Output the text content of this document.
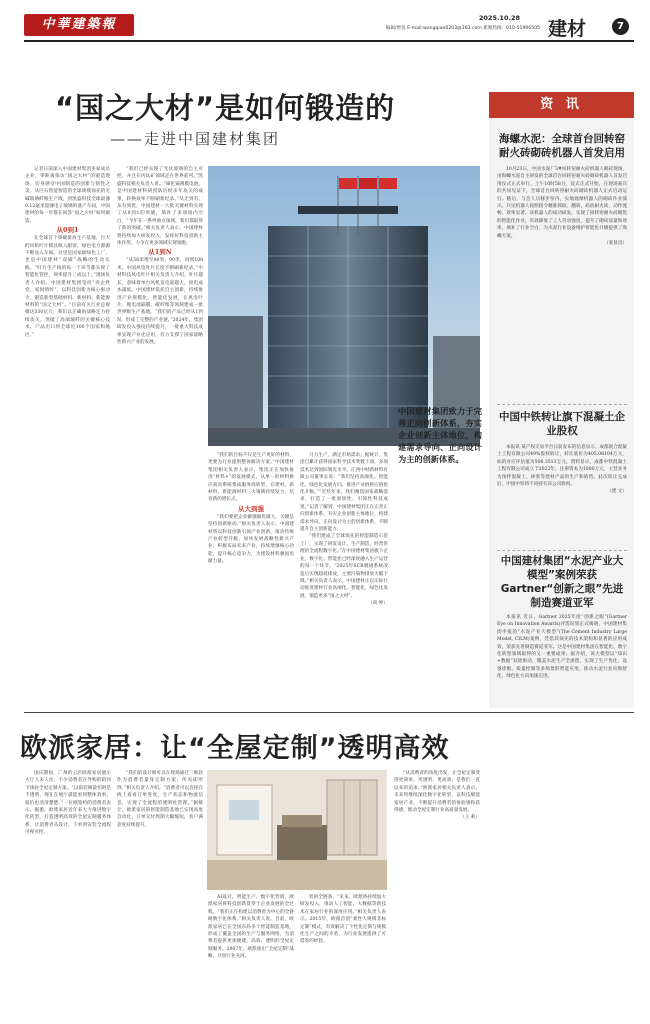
中華建築報	2025.10.28
编辑/贾苗 E-mail:wangqian0203@163.com 新闻热线：010-51906505 建材	7
“国之大材”是如何锻造的
——走进中国建材集团

记者日前深入中国建材集团多家成员企业，零距离探访“国之大材”的锻造现场，切身感受中国制造的创新与韧性之美。从巨石智能智造的全球规模领先的无碱玻璃纤维生产线，到凯盛科技全球最薄0.12毫米超薄电子玻璃的量产车间，中国建材的每一步都在回答“国之大材”如何锻造。

从0到1

在全球首个零碳排放生产基地，巨大的风机叶片模具映入眼帘，绿色电力源源不断送入车间。这里是国家级绿色工厂，也是中国建材“双碳”战略的生动实践。“叶片生产线的每一个环节都实现了智能化管控，效率提升三成以上。”现场负责人介绍。中国建材集团坚持“央企姓党、家国情怀”，以科技创新为核心驱动力，锻造新型基础材料、新材料、新能源材料的“国之大材”。“目前有关行业总规模达330亿元，我们以正确的战略定力持续攻关，突破了高端玻纤的关键核心技术，产品出口到全球近100个国家和地区。”

“我们已经实现了光伏玻璃的自主可控，并且在钙钛矿领域走在世界前列。”凯盛科技相关负责人说。“碲化镉薄膜电池，是中国建材科研团队历经多年攻关的成果，转换效率不断刷新纪录。”从无到有、从有到优，中国建材一大批关键材料实现了从0到1的突破，填补了多项国内空白。“今年在一系列重点领域，我们都取得了新的突破。”相关负责人表示，中国建材将持续加大研发投入，发挥好科技创新主体作用，力争在更多领域实现领跑。

从1到N

“从56米增至80米、90米，再到108米，中国风电叶片长度不断刷新纪录。”中材科技风电叶片相关负责人介绍。叶片越长，意味着单台风机发电量越大，度电成本越低。中国建材依托自主创新，持续推进产业规模化、智能化发展，在风电叶片、锂电池隔膜、碳纤维等领域建成一批世界级生产基地。“我们的产品已经从1到N，形成了完整的产业链。”2024年，集团研发投入强度持续提升，一批重大科技成果实现产业化应用，有力支撑了国家战略性新兴产业的发展。

“我们的目标不仅是生产更好的材料，更要为行业提供整体解决方案。”中国建材集团相关负责人表示，集团正在加快推进“材料+”的发展模式，从单一的材料供应商向系统集成服务商转型，在建材、新材料、新能源材料三大领域持续发力，培育新的增长点。

从大到强

“我们要把企业做强做优做大，关键是坚持创新驱动。”相关负责人表示，中国建材将以科技创新引领产业创新，推动传统产业转型升级，加快发展战略性新兴产业，积极布局未来产业，持续增强核心功能、提升核心竞争力，为建设材料强国贡献力量。

马力生产，满足市场需求。据统计，集团已累计获得国家科学技术奖数十项，多项技术达到国际领先水平。江西中材新材料有限公司董事长说：“我们坚持高端化、智能化、绿色化发展方向，推进产业链供应链优化升级。”“近些年来，我们聚焦国家战略需求，打造了一批原创性、引领性科技成果。”记者了解到，中国建材集团正在完善正向创新体系，夯实企业创新主体地位，构建需求导向、正向设计为主的创新体系，不断提升自主创新能力。

“我们建成了全球领先的智能制造示范工厂，实现了研发设计、生产制造、经营管理的全流程数字化。”在中国建材集团旗下企业，数字化、智能化已经深度融入生产运营的每一个环节。“2025年SCR脱硝系统改造后实现超低排放，主要污染物排放大幅下降。”相关负责人表示。中国建材正以实际行动推进建材行业高端化、智能化、绿色化发展，锻造更多“国之大材”。

（尚 婷）

中国建材集团致力于完善正向创新体系，夯实企业创新主体地位，构建需求导向、正向设计为主的创新体系。
资 讯
海螺水泥：全球首台回转窑耐火砖砌砖机器人首发启用
10月23日，中国水泥厂3#回转窑耐火砖机器人砌砖现场，由海螺水泥自主研发的全球首台回转窑耐火砖砌砖机器人首发启用仪式正式举行。上午10时58分，仪式正式开始，在现场嘉宾的共同见证下，全球首台回转窑耐火砖砌砖机器人正式启动运行。随后，与会人员移步窑内，实地观摩机器人的砌砖作业演示。只见机器人按照指令精准抓取、翻转、码放耐火砖，动作流畅，效率显著。该机器人的成功研发，实现了回转窑耐火砖砌筑的智能化作业，有效降低了工人劳动强度，提升了砌砖质量和效率，填补了行业空白，为水泥行业设备维护智能化升级提供了海螺方案。
（张显昌）
中国中铁转让旗下混凝土企业股权
本报讯 某产权交易平台日前发布的信息显示，成都混合混凝土工程有限公司49%股权转让，转让底价为405.08104万元，标的对应评估值为506.3513万元。资料显示，成都中铁混凝土工程有限公司成立于2022年，注册资本为1000万元，主营业务为预拌混凝土、砂浆等建材产品的生产和销售。此次转让完成后，中国中铁将不再持有该公司股权。
（建 文）
中国建材集团“水泥产业大模型”案例荣获Gartner“创新之眼”先进制造赛道亚军
本报讯 近日，Gartner 2025年度“创新之眼”(Gartner Eye on Innovation Awards)评选结果正式揭晓，中国建材集团申报的“水泥产业大模型”(The Cement Industry Large Model, CILM)案例，凭借其领先的技术架构和显著的应用成效，荣获先进制造赛道亚军。这是中国建材集团在智能化、数字化转型领域取得的又一重要成果。据介绍，该大模型以“知识+数据”双轮驱动，覆盖水泥生产全流程，实现了生产优化、设备诊断、质量控制等多场景的智能应用，推动水泥行业向数智化、绿色化方向加速迈进。
欧派家居：让“全屋定制”透明高效

国庆期间，广州的云店欧派家居展示大厅人来人往，不少消费者在导购的陪同下体验全屋定制方案。“以前装修最怕的是不透明，现在在展厅就能看到整体效果，报价也清清楚楚。”一位刚签约的消费者表示。据悉，欧派家居近年来大力推进数字化转型，打造透明高效的全屋定制服务体系，让消费者从设计、下单到安装全流程可视可控。

“我们的设计师可以在现场通过三维软件为消费者量身定制方案，所见即所得。”相关负责人介绍。“消费者可以直接在线上查看订单进度、生产状态和物流信息，实现了全流程的透明化管理。”据统计，欧派家居的智能制造基地已实现高度自动化，订单交付周期大幅缩短，客户满意度持续提升。

AI设计、智能生产、数字化营销，欧派家居将科技创新贯穿于企业发展的全过程。“我们正在构建以消费者为中心的全链路数字化体系。”相关负责人说。目前，欧派家居已在全国布局多个智能制造基地，形成了覆盖全国的生产与服务网络，为消费者提供更加便捷、高效、透明的全屋定制服务。2007年，欧派推出“全屋定制”战略，开创行业先河。

装的全链条。“未来，欧派将持续加大研发投入，推动人工智能、大数据等新技术在家居行业的深度应用。”相关负责人表示。2015年，欧派首创“柔性大规模非标定制”模式，有效解决了个性化定制与规模化生产之间的矛盾，为行业发展提供了可借鉴的经验。

“从消费者的角度出发，让全屋定制变得更简单、更透明、更高效，是我们一直以来的追求。”欧派家居相关负责人表示，未来将继续深化数字化转型，以科技赋能家居产业，不断提升消费者的体验感和获得感，推动全屋定制行业高质量发展。

（王 莉）
